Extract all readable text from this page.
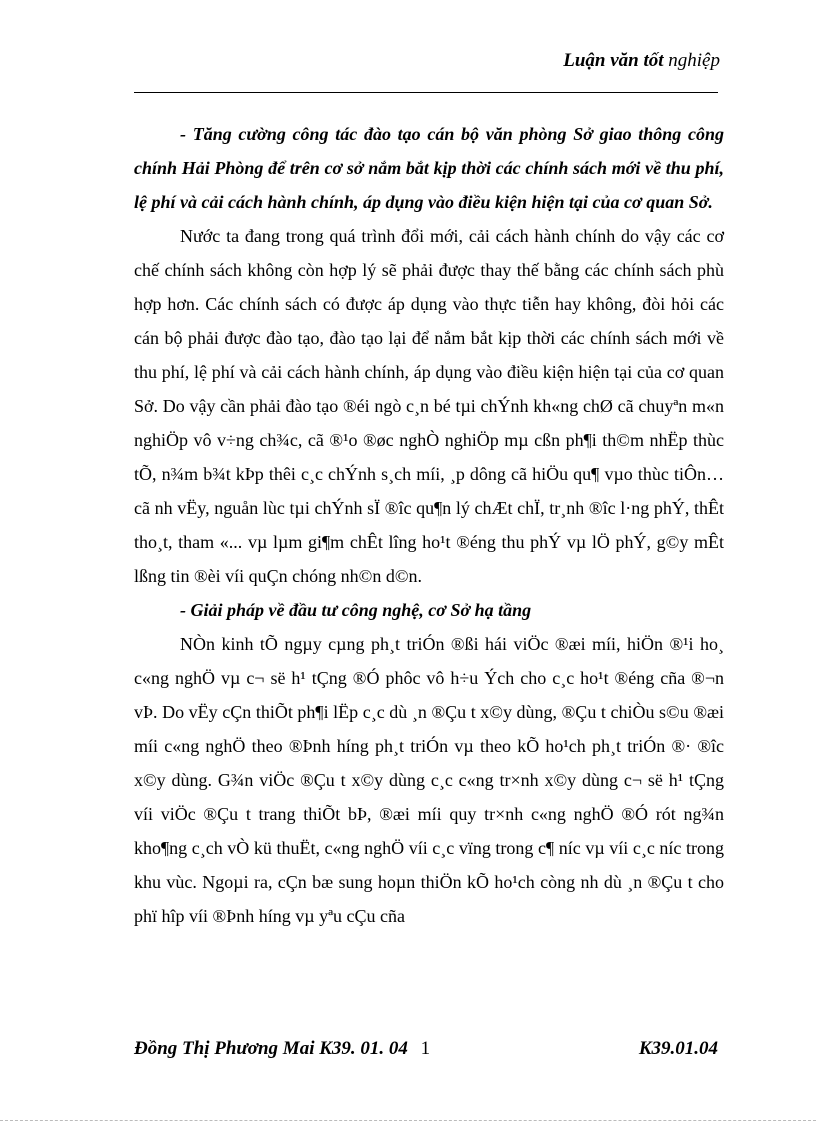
Luận văn tốt nghiệp

- Tăng cường công tác đào tạo cán bộ văn phòng Sở giao thông công chính Hải Phòng để trên cơ sở nắm bắt kịp thời các chính sách mới về thu phí, lệ phí và cải cách hành chính, áp dụng vào điều kiện hiện tại của cơ quan Sở.

Nước ta đang trong quá trình đổi mới, cải cách hành chính do vậy các cơ chế chính sách không còn hợp lý sẽ phải được thay thế bằng các chính sách phù hợp hơn. Các chính sách có được áp dụng vào thực tiễn hay không, đòi hỏi các cán bộ phải được đào tạo, đào tạo lại để nắm bắt kịp thời các chính sách mới về thu phí, lệ phí và cải cách hành chính, áp dụng vào điều kiện hiện tại của cơ quan Sở. Do vậy cần phải đào tạo ®éi ngò c¸n bé tµi chÝnh kh«ng chØ cã chuyªn m«n nghiÖp vô v÷ng ch¾c, cã ®¹o ®øc nghÒ nghiÖp mµ cßn ph¶i th©m nhËp thùc tÕ, n¾m b¾t kÞp thêi c¸c chÝnh s¸ch míi, ¸p dông cã hiÖu qu¶ vµo thùc tiÔn… cã nh vËy, nguån lùc tµi chÝnh sÏ ®îc qu¶n lý chÆt chÏ, tr¸nh ®îc l·ng phÝ, thÊt tho¸t, tham «... vµ lµm gi¶m chÊt lîng ho¹t ®éng thu phÝ vµ lÖ phÝ, g©y mÊt lßng tin ®èi víi quÇn chóng nh©n d©n.

- Giải pháp về đầu tư công nghệ, cơ Sở hạ tầng

NÒn kinh tÕ ngµy cµng ph¸t triÓn ®ßi hái viÖc ®æi míi, hiÖn ®¹i ho¸ c«ng nghÖ vµ c¬ së h¹ tÇng ®Ó phôc vô h÷u Ých cho c¸c ho¹t ®éng cña ®¬n vÞ. Do vËy cÇn thiÕt ph¶i lËp c¸c dù ¸n ®Çu t x©y dùng, ®Çu t chiÒu s©u ®æi míi c«ng nghÖ theo ®Þnh híng ph¸t triÓn vµ theo kÕ ho¹ch ph¸t triÓn ®· ®îc x©y dùng. G¾n viÖc ®Çu t x©y dùng c¸c c«ng tr×nh x©y dùng c¬ së h¹ tÇng víi viÖc ®Çu t trang thiÕt bÞ, ®æi míi quy tr×nh c«ng nghÖ ®Ó rót ng¾n kho¶ng c¸ch vÒ kü thuËt, c«ng nghÖ víi c¸c vïng trong c¶ níc vµ víi c¸c níc trong khu vùc. Ngoµi ra, cÇn bæ sung hoµn thiÖn kÕ ho¹ch còng nh dù ¸n ®Çu t cho phï hîp víi ®Þnh híng vµ yªu cÇu cña

Đồng Thị Phương Mai K39. 01. 04 1	K39.01.04
